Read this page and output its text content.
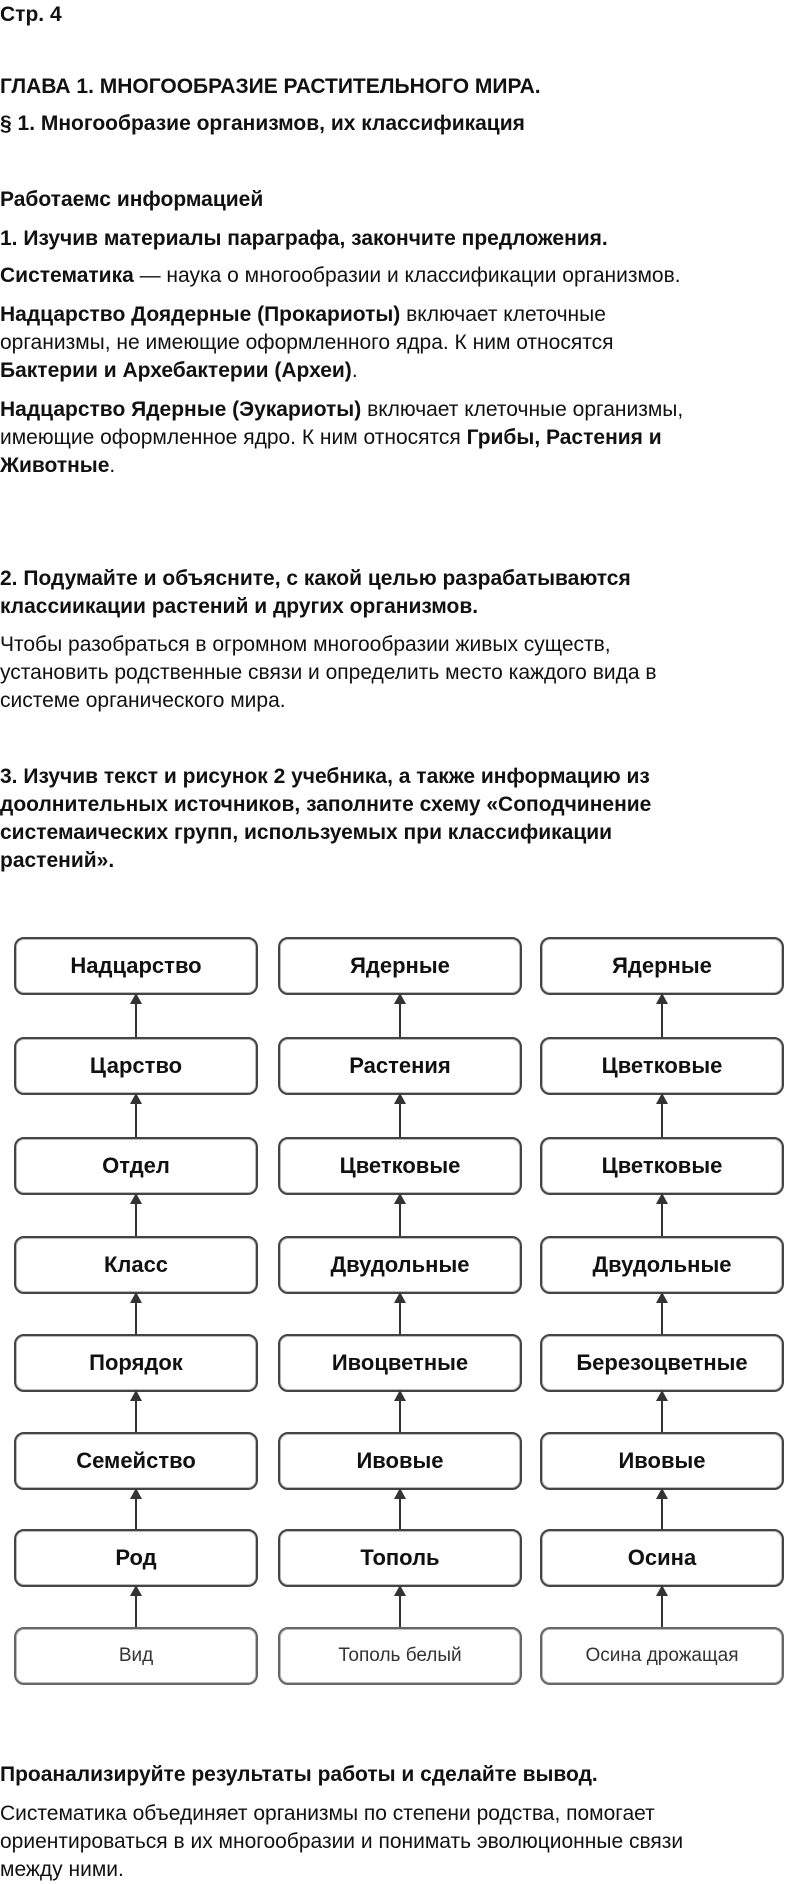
Стр. 4
ГЛАВА 1. МНОГООБРАЗИЕ РАСТИТЕЛЬНОГО МИРА.
§ 1. Многообразие организмов, их классификация
Работаемс информацией
1. Изучив материалы параграфа, закончите предложения.
Систематика — наука о многообразии и классификации организмов.
Надцарство Доядерные (Прокариоты) включает клеточные
организмы, не имеющие оформленного ядра. К ним относятся
Бактерии и Архебактерии (Археи).
Надцарство Ядерные (Эукариоты) включает клеточные организмы,
имеющие оформленное ядро. К ним относятся Грибы, Растения и
Животные.
2. Подумайте и объясните, с какой целью разрабатываются
классиикации растений и других организмов.
Чтобы разобраться в огромном многообразии живых существ,
установить родственные связи и определить место каждого вида в
системе органического мира.
3. Изучив текст и рисунок 2 учебника, а также информацию из
доолнительных источников, заполните схему «Соподчинение
системаических групп, используемых при классификации
растений».
Надцарство
Царство
Отдел
Класс
Порядок
Семейство
Род
Вид
Ядерные
Растения
Цветковые
Двудольные
Ивоцветные
Ивовые
Тополь
Тополь белый
Ядерные
Цветковые
Цветковые
Двудольные
Березоцветные
Ивовые
Осина
Осина дрожащая
Проанализируйте результаты работы и сделайте вывод.
Систематика объединяет организмы по степени родства, помогает
ориентироваться в их многообразии и понимать эволюционные связи
между ними.
